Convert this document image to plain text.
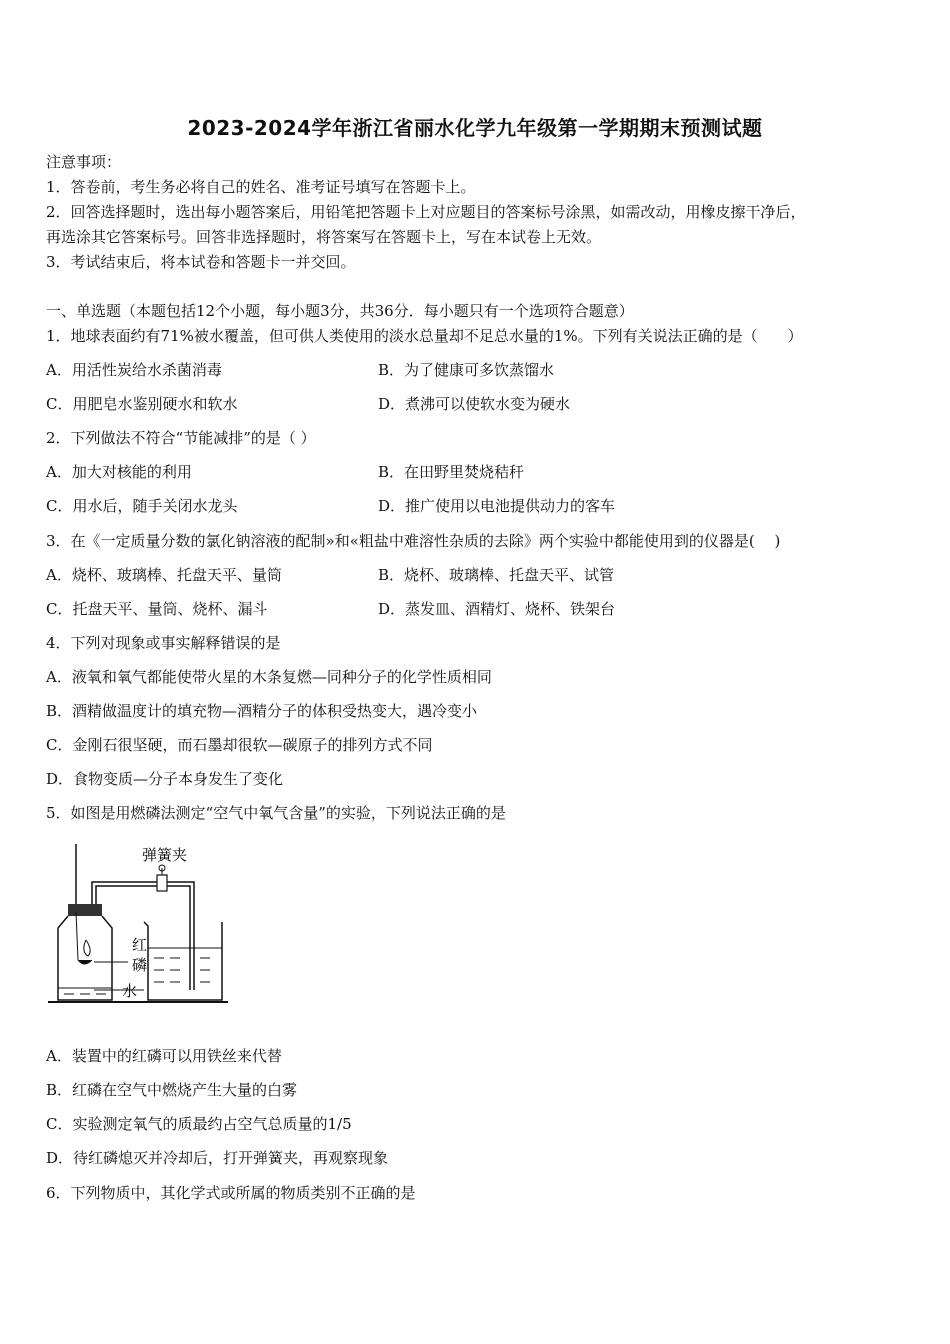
2023-2024学年浙江省丽水化学九年级第一学期期末预测试题
注意事项：
1．答卷前，考生务必将自己的姓名、准考证号填写在答题卡上。
2．回答选择题时，选出每小题答案后，用铅笔把答题卡上对应题目的答案标号涂黑，如需改动，用橡皮擦干净后，
再选涂其它答案标号。回答非选择题时，将答案写在答题卡上，写在本试卷上无效。
3．考试结束后，将本试卷和答题卡一并交回。
一、单选题（本题包括12个小题，每小题3分，共36分．每小题只有一个选项符合题意）
1．地球表面约有71%被水覆盖，但可供人类使用的淡水总量却不足总水量的1%。下列有关说法正确的是（　　）
A．用活性炭给水杀菌消毒	B．为了健康可多饮蒸馏水
C．用肥皂水鉴别硬水和软水	D．煮沸可以使软水变为硬水
2．下列做法不符合“节能减排”的是（ ）
A．加大对核能的利用	B．在田野里焚烧秸秆
C．用水后，随手关闭水龙头	D．推广使用以电池提供动力的客车
3．在《一定质量分数的氯化钠溶液的配制»和«粗盐中难溶性杂质的去除》两个实验中都能使用到的仪器是(　 )
A．烧杯、玻璃棒、托盘天平、量筒	B．烧杯、玻璃棒、托盘天平、试管
C．托盘天平、量筒、烧杯、漏斗	D．蒸发皿、酒精灯、烧杯、铁架台
4．下列对现象或事实解释错误的是
A．液氧和氧气都能使带火星的木条复燃—同种分子的化学性质相同
B．酒精做温度计的填充物—酒精分子的体积受热变大，遇冷变小
C．金刚石很坚硬，而石墨却很软—碳原子的排列方式不同
D．食物变质—分子本身发生了变化
5．如图是用燃磷法测定“空气中氧气含量”的实验，下列说法正确的是
弹簧夹
红
磷
水
A．装置中的红磷可以用铁丝来代替
B．红磷在空气中燃烧产生大量的白雾
C．实验测定氧气的质最约占空气总质量的1/5
D．待红磷熄灭并冷却后，打开弹簧夹，再观察现象
6．下列物质中，其化学式或所属的物质类别不正确的是
